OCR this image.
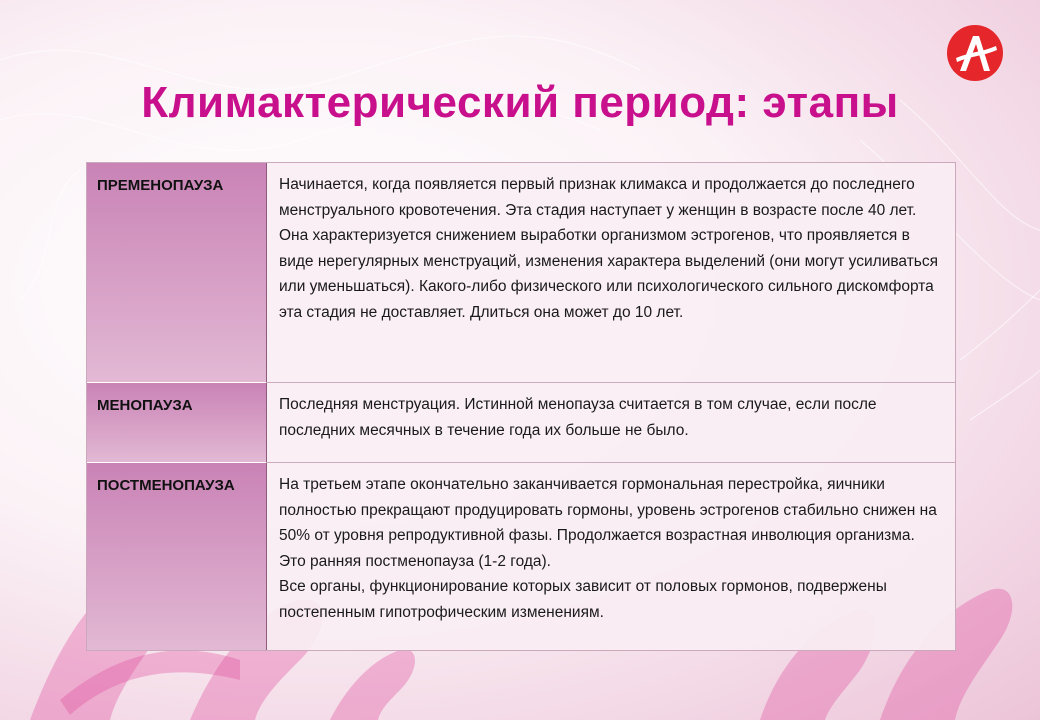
Климактерический период: этапы
ПРЕМЕНОПАУЗА	Начинается, когда появляется первый признак климакса и продолжается до последнего менструального кровотечения. Эта стадия наступает у женщин в возрасте после 40 лет.

Она характеризуется снижением выработки организмом эстрогенов, что проявляется в виде нерегулярных менструаций, изменения характера выделений (они могут усиливаться или уменьшаться). Какого-либо физического или психологического сильного дискомфорта эта стадия не доставляет. Длиться она может до 10 лет.

МЕНОПАУЗА	Последняя менструация. Истинной менопауза считается в том случае, если после последних месячных в течение года их больше не было.

ПОСТМЕНОПАУЗА	На третьем этапе окончательно заканчивается гормональная перестройка, яичники полностью прекращают продуцировать гормоны, уровень эстрогенов стабильно снижен на 50% от уровня репродуктивной фазы. Продолжается возрастная инволюция организма. Это ранняя постменопауза (1-2 года).

Все органы, функционирование которых зависит от половых гормонов, подвержены постепенным гипотрофическим изменениям.
